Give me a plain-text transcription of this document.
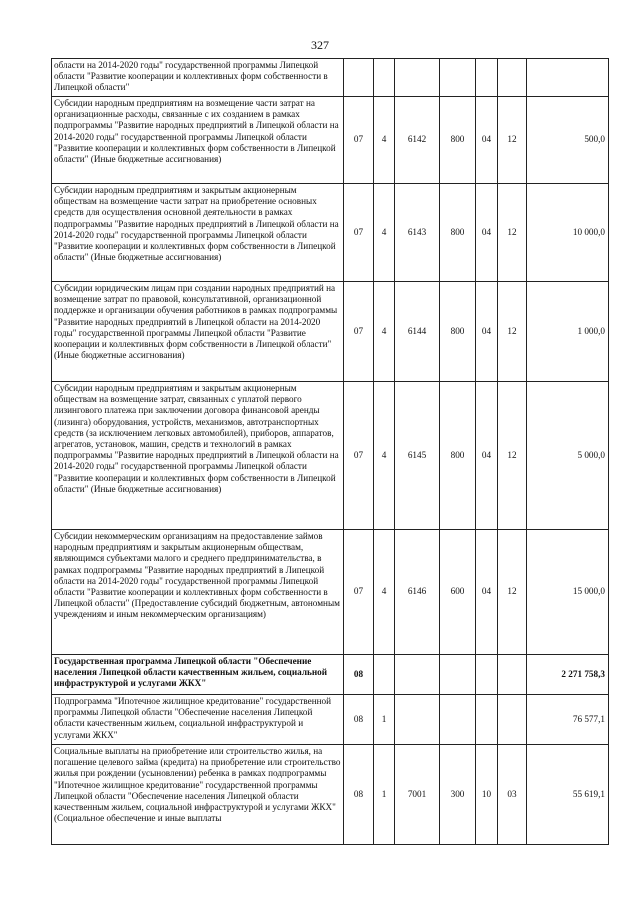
327
области на 2014-2020 годы" государственной программы Липецкой области "Развитие кооперации и коллективных форм собственности в Липецкой области"							
Субсидии народным предприятиям на возмещение части затрат на организационные расходы, связанные с их созданием в рамках подпрограммы "Развитие народных предприятий в Липецкой области на 2014-2020 годы" государственной программы Липецкой области "Развитие кооперации и коллективных форм собственности в Липецкой области" (Иные бюджетные ассигнования)	07	4	6142	800	04	12	500,0
Субсидии народным предприятиям и закрытым акционерным обществам на возмещение части затрат на приобретение основных средств для осуществления основной деятельности в рамках подпрограммы "Развитие народных предприятий в Липецкой области на 2014-2020 годы" государственной программы Липецкой области "Развитие кооперации и коллективных форм собственности в Липецкой области" (Иные бюджетные ассигнования)	07	4	6143	800	04	12	10 000,0
Субсидии юридическим лицам при создании народных предприятий на возмещение затрат по правовой, консультативной, организационной поддержке и организации обучения работников в рамках подпрограммы "Развитие народных предприятий в Липецкой области на 2014-2020 годы" государственной программы Липецкой области "Развитие кооперации и коллективных форм собственности в Липецкой области" (Иные бюджетные ассигнования)	07	4	6144	800	04	12	1 000,0
Субсидии народным предприятиям и закрытым акционерным обществам на возмещение затрат, связанных с уплатой первого лизингового платежа при заключении договора финансовой аренды (лизинга) оборудования, устройств, механизмов, автотранспортных средств (за исключением легковых автомобилей), приборов, аппаратов, агрегатов, установок, машин, средств и технологий в рамках подпрограммы "Развитие народных предприятий в Липецкой области на 2014-2020 годы" государственной программы Липецкой области "Развитие кооперации и коллективных форм собственности в Липецкой области" (Иные бюджетные ассигнования)	07	4	6145	800	04	12	5 000,0
Субсидии некоммерческим организациям на предоставление займов народным предприятиям и закрытым акционерным обществам, являющимся субъектами малого и среднего предпринимательства, в рамках подпрограммы "Развитие народных предприятий в Липецкой области на 2014-2020 годы" государственной программы Липецкой области "Развитие кооперации и коллективных форм собственности в Липецкой области" (Предоставление субсидий бюджетным, автономным учреждениям и иным некоммерческим организациям)	07	4	6146	600	04	12	15 000,0
Государственная программа Липецкой области "Обеспечение населения Липецкой области качественным жильем, социальной инфраструктурой и услугами ЖКХ"	08						2 271 758,3
Подпрограмма "Ипотечное жилищное кредитование" государственной программы Липецкой области "Обеспечение населения Липецкой области качественным жильем, социальной инфраструктурой и услугами ЖКХ"	08	1					76 577,1
Социальные выплаты на приобретение или строительство жилья, на погашение целевого займа (кредита) на приобретение или строительство жилья при рождении (усыновлении) ребенка в рамках подпрограммы "Ипотечное жилищное кредитование" государственной программы Липецкой области "Обеспечение населения Липецкой области качественным жильем, социальной инфраструктурой и услугами ЖКХ" (Социальное обеспечение и иные выплаты	08	1	7001	300	10	03	55 619,1
